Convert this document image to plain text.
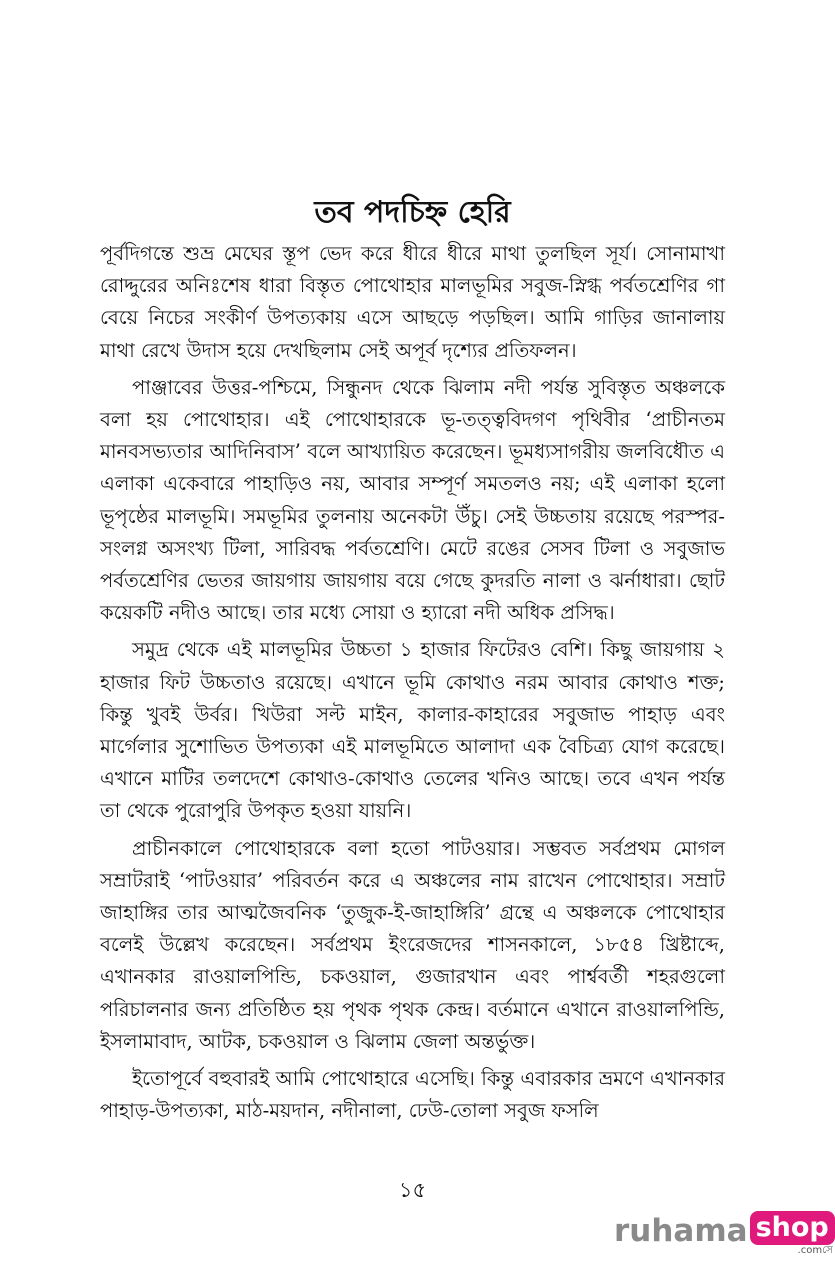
তব পদচিহ্ন হেরি

পূর্বদিগন্তে শুভ্র মেঘের স্তূপ ভেদ করে ধীরে ধীরে মাথা তুলছিল সূর্য। সোনামাখা রোদ্দুরের অনিঃশেষ ধারা বিস্তৃত পোথোহার মালভূমির সবুজ-স্নিগ্ধ পর্বতশ্রেণির গা বেয়ে নিচের সংকীর্ণ উপত্যকায় এসে আছড়ে পড়ছিল। আমি গাড়ির জানালায় মাথা রেখে উদাস হয়ে দেখছিলাম সেই অপূর্ব দৃশ্যের প্রতিফলন।

পাঞ্জাবের উত্তর-পশ্চিমে, সিন্ধুনদ থেকে ঝিলাম নদী পর্যন্ত সুবিস্তৃত অঞ্চলকে বলা হয় পোথোহার। এই পোথোহারকে ভূ-তত্ত্ববিদগণ পৃথিবীর ‘প্রাচীনতম মানবসভ্যতার আদিনিবাস’ বলে আখ্যায়িত করেছেন। ভূমধ্যসাগরীয় জলবিধৌত এ এলাকা একেবারে পাহাড়িও নয়, আবার সম্পূর্ণ সমতলও নয়; এই এলাকা হলো ভূপৃষ্ঠের মালভূমি। সমভূমির তুলনায় অনেকটা উঁচু। সেই উচ্চতায় রয়েছে পরস্পর-সংলগ্ন অসংখ্য টিলা, সারিবদ্ধ পর্বতশ্রেণি। মেটে রঙের সেসব টিলা ও সবুজাভ পর্বতশ্রেণির ভেতর জায়গায় জায়গায় বয়ে গেছে কুদরতি নালা ও ঝর্নাধারা। ছোট কয়েকটি নদীও আছে। তার মধ্যে সোয়া ও হ্যারো নদী অধিক প্রসিদ্ধ।

সমুদ্র থেকে এই মালভূমির উচ্চতা ১ হাজার ফিটেরও বেশি। কিছু জায়গায় ২ হাজার ফিট উচ্চতাও রয়েছে। এখানে ভূমি কোথাও নরম আবার কোথাও শক্ত; কিন্তু খুবই উর্বর। খিউরা সল্ট মাইন, কালার-কাহারের সবুজাভ পাহাড় এবং মার্গেলার সুশোভিত উপত্যকা এই মালভূমিতে আলাদা এক বৈচিত্র্য যোগ করেছে। এখানে মাটির তলদেশে কোথাও-কোথাও তেলের খনিও আছে। তবে এখন পর্যন্ত তা থেকে পুরোপুরি উপকৃত হওয়া যায়নি।

প্রাচীনকালে পোথোহারকে বলা হতো পাটওয়ার। সম্ভবত সর্বপ্রথম মোগল সম্রাটরাই ‘পাটওয়ার’ পরিবর্তন করে এ অঞ্চলের নাম রাখেন পোথোহার। সম্রাট জাহাঙ্গির তার আত্মজৈবনিক ‘তুজুক-ই-জাহাঙ্গিরি’ গ্রন্থে এ অঞ্চলকে পোথোহার বলেই উল্লেখ করেছেন। সর্বপ্রথম ইংরেজদের শাসনকালে, ১৮৫৪ খ্রিষ্টাব্দে, এখানকার রাওয়ালপিন্ডি, চকওয়াল, গুজারখান এবং পার্শ্ববর্তী শহরগুলো পরিচালনার জন্য প্রতিষ্ঠিত হয় পৃথক পৃথক কেন্দ্র। বর্তমানে এখানে রাওয়ালপিন্ডি, ইসলামাবাদ, আটক, চকওয়াল ও ঝিলাম জেলা অন্তর্ভুক্ত।

ইতোপূর্বে বহুবারই আমি পোথোহারে এসেছি। কিন্তু এবারকার ভ্রমণে এখানকার পাহাড়-উপত্যকা, মাঠ-ময়দান, নদীনালা, ঢেউ-তোলা সবুজ ফসলি

১৫
ruhama shop
.comসে
